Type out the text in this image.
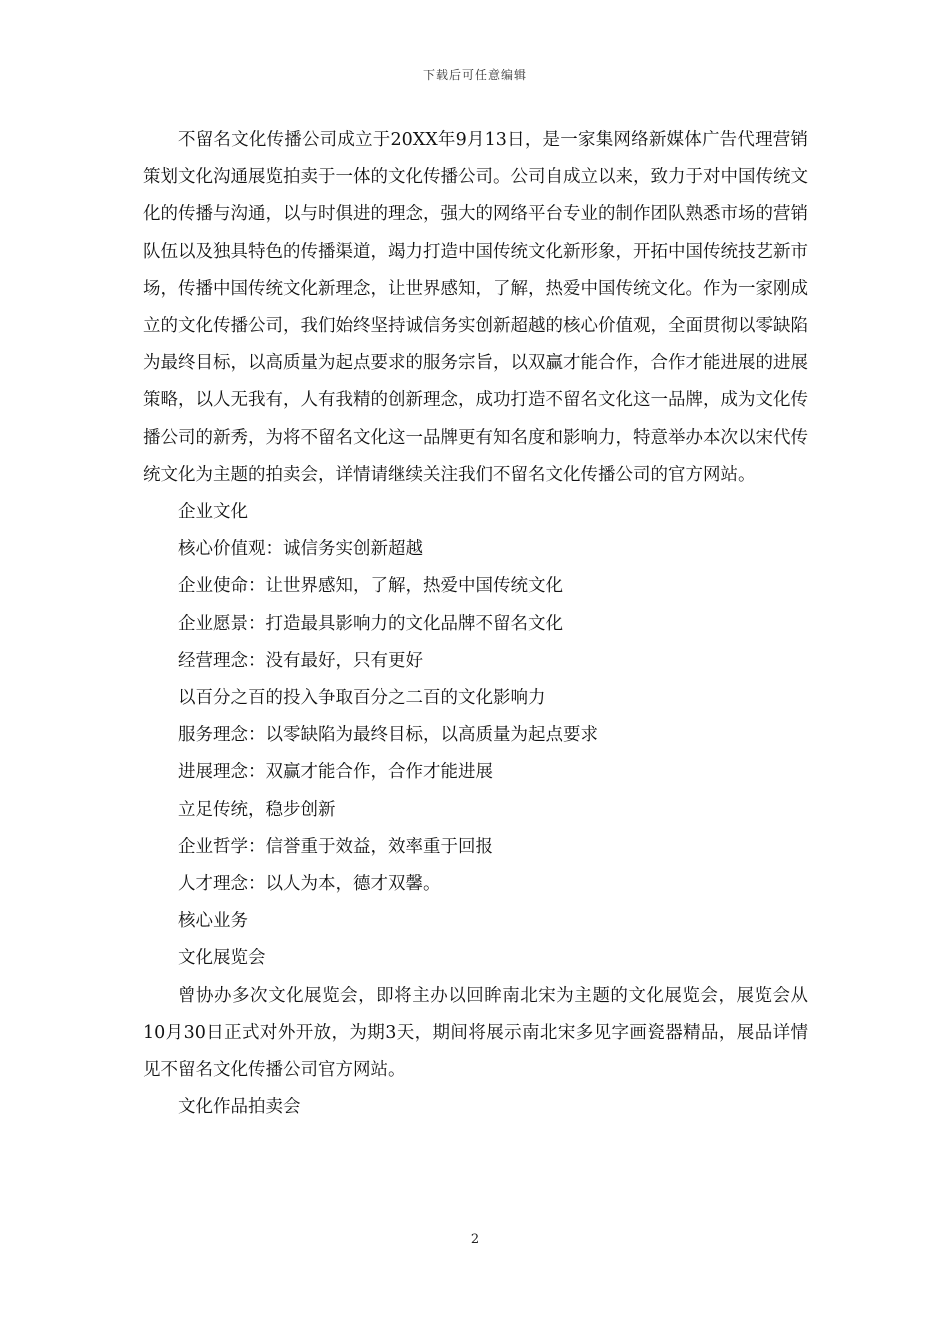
下载后可任意编辑

不留名文化传播公司成立于20XX年9月13日，是一家集网络新媒体广告代理营销策划文化沟通展览拍卖于一体的文化传播公司。公司自成立以来，致力于对中国传统文化的传播与沟通，以与时俱进的理念，强大的网络平台专业的制作团队熟悉市场的营销队伍以及独具特色的传播渠道，竭力打造中国传统文化新形象，开拓中国传统技艺新市场，传播中国传统文化新理念，让世界感知，了解，热爱中国传统文化。作为一家刚成立的文化传播公司，我们始终坚持诚信务实创新超越的核心价值观，全面贯彻以零缺陷为最终目标，以高质量为起点要求的服务宗旨，以双赢才能合作，合作才能进展的进展策略，以人无我有，人有我精的创新理念，成功打造不留名文化这一品牌，成为文化传播公司的新秀，为将不留名文化这一品牌更有知名度和影响力，特意举办本次以宋代传统文化为主题的拍卖会，详情请继续关注我们不留名文化传播公司的官方网站。

企业文化

核心价值观：诚信务实创新超越

企业使命：让世界感知，了解，热爱中国传统文化

企业愿景：打造最具影响力的文化品牌不留名文化

经营理念：没有最好，只有更好

以百分之百的投入争取百分之二百的文化影响力

服务理念：以零缺陷为最终目标，以高质量为起点要求

进展理念：双赢才能合作，合作才能进展

立足传统，稳步创新

企业哲学：信誉重于效益，效率重于回报

人才理念：以人为本，德才双馨。

核心业务

文化展览会

曾协办多次文化展览会，即将主办以回眸南北宋为主题的文化展览会，展览会从10月30日正式对外开放，为期3天，期间将展示南北宋多见字画瓷器精品，展品详情见不留名文化传播公司官方网站。

文化作品拍卖会

2
